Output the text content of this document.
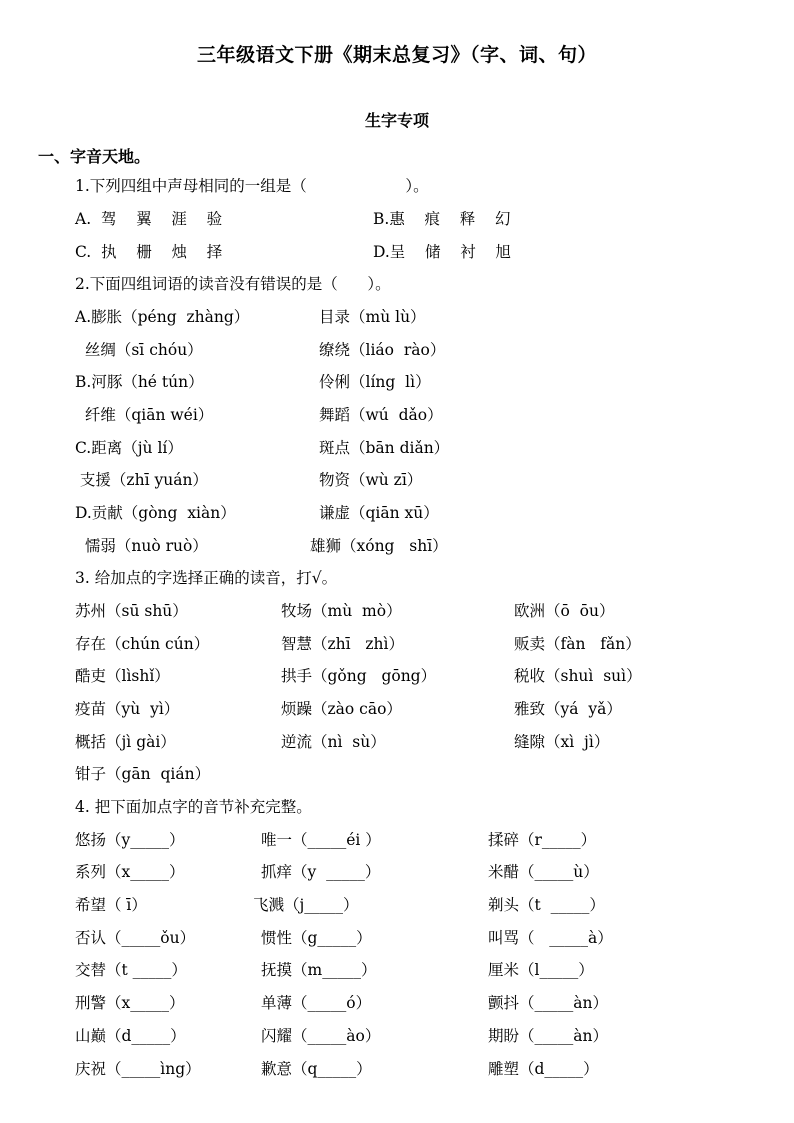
三年级语文下册《期末总复习》（字、词、句）
生字专项
一、字音天地。
1.下列四组中声母相同的一组是（                    ）。
A.  驾    翼    涯    验	B.惠    痕    释    幻
C.  执    栅    烛    择	D.呈    储    衬    旭
2.下面四组词语的读音没有错误的是（      ）。
A.膨胀（péng  zhàng）	目录（mù lù）
丝绸（sī chóu）	缭绕（liáo  rào）
B.河豚（hé tún）	伶俐（líng  lì）
纤维（qiān wéi）	舞蹈（wú  dǎo）
C.距离（jù lí）	斑点（bān diǎn）
支援（zhī yuán）	物资（wù zī）
D.贡献（gòng  xiàn）	谦虚（qiān xū）
懦弱（nuò ruò）	雄狮（xóng   shī）
3. 给加点的字选择正确的读音，打√。
苏州（sū shū）	牧场（mù  mò）	欧洲（ō  ōu）
存在（chún cún）	智慧（zhī   zhì）	贩卖（fàn   fǎn）
酷吏（lìshǐ）	拱手（gǒng   gōng）	税收（shuì  suì）
疫苗（yù  yì）	烦躁（zào cāo）	雅致（yá  yǎ）
概括（jì gài）	逆流（nì  sù）	缝隙（xì  jì）
钳子（gān  qián）
4. 把下面加点字的音节补充完整。
悠扬（y_____）	唯一（_____éi ）	揉碎（r_____）
系列（x_____）	抓痒（y  _____）	米醋（_____ù）
希望（ ī）	飞溅（j_____）	剃头（t  _____）
否认（_____ǒu）	惯性（g_____）	叫骂（   _____à）
交替（t _____）	抚摸（m_____）	厘米（l_____）
刑警（x_____）	单薄（_____ó）	颤抖（_____àn）
山巅（d_____）	闪耀（_____ào）	期盼（_____àn）
庆祝（_____ìng）	歉意（q_____）	雕塑（d_____）
